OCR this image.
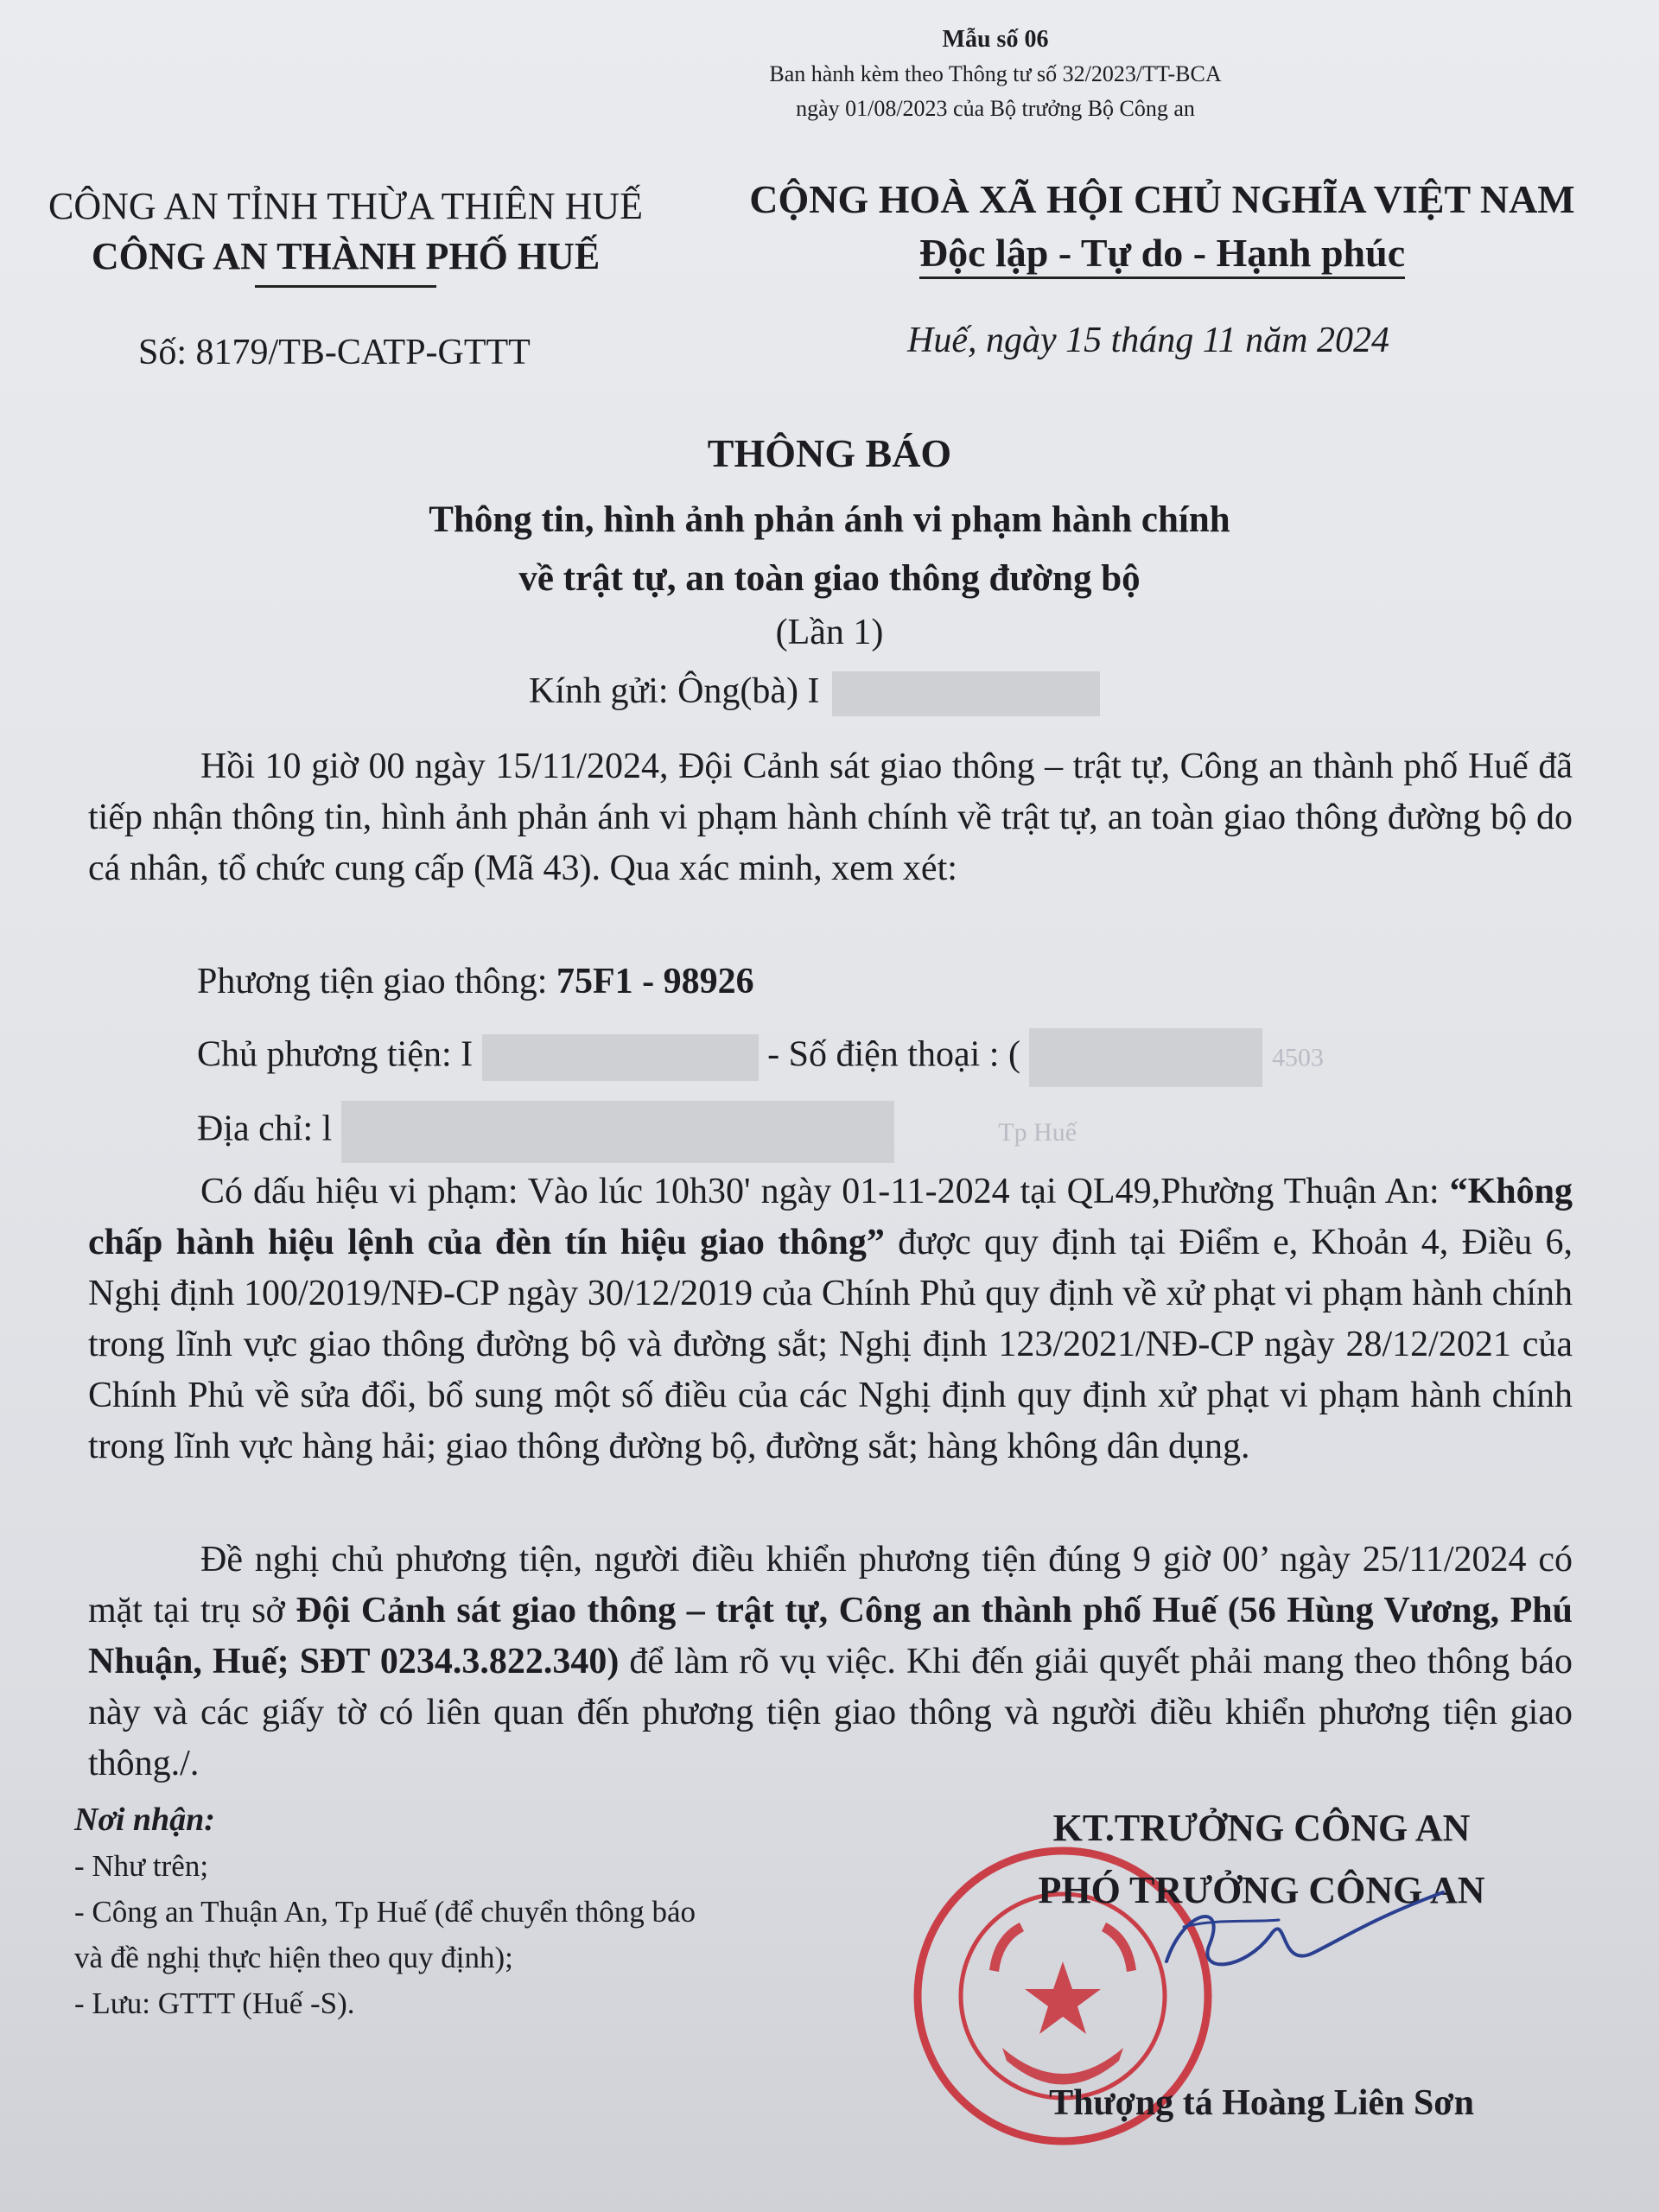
Mẫu số 06
Ban hành kèm theo Thông tư số 32/2023/TT-BCA
ngày 01/08/2023 của Bộ trưởng Bộ Công an
CÔNG AN TỈNH THỪA THIÊN HUẾ
CÔNG AN THÀNH PHỐ HUẾ
CỘNG HOÀ XÃ HỘI CHỦ NGHĨA VIỆT NAM
Độc lập - Tự do - Hạnh phúc
Số: 8179/TB-CATP-GTTT	Huế, ngày 15 tháng 11 năm 2024
THÔNG BÁO
Thông tin, hình ảnh phản ánh vi phạm hành chính
về trật tự, an toàn giao thông đường bộ
(Lần 1)
Kính gửi: Ông(bà) I
Hồi 10 giờ 00 ngày 15/11/2024, Đội Cảnh sát giao thông – trật tự, Công an thành phố Huế đã tiếp nhận thông tin, hình ảnh phản ánh vi phạm hành chính về trật tự, an toàn giao thông đường bộ do cá nhân, tổ chức cung cấp (Mã 43). Qua xác minh, xem xét:
Phương tiện giao thông: 75F1 - 98926
Chủ phương tiện: I	- Số điện thoại : (	4503
Địa chỉ: l	Tp Huế
Có dấu hiệu vi phạm: Vào lúc 10h30' ngày 01-11-2024 tại QL49,Phường Thuận An: “Không chấp hành hiệu lệnh của đèn tín hiệu giao thông” được quy định tại Điểm e, Khoản 4, Điều 6, Nghị định 100/2019/NĐ-CP ngày 30/12/2019 của Chính Phủ quy định về xử phạt vi phạm hành chính trong lĩnh vực giao thông đường bộ và đường sắt; Nghị định 123/2021/NĐ-CP ngày 28/12/2021 của Chính Phủ về sửa đổi, bổ sung một số điều của các Nghị định quy định xử phạt vi phạm hành chính trong lĩnh vực hàng hải; giao thông đường bộ, đường sắt; hàng không dân dụng.
Đề nghị chủ phương tiện, người điều khiển phương tiện đúng 9 giờ 00’ ngày 25/11/2024 có mặt tại trụ sở Đội Cảnh sát giao thông – trật tự, Công an thành phố Huế (56 Hùng Vương, Phú Nhuận, Huế; SĐT 0234.3.822.340) để làm rõ vụ việc. Khi đến giải quyết phải mang theo thông báo này và các giấy tờ có liên quan đến phương tiện giao thông và người điều khiển phương tiện giao thông./.
Nơi nhận:
- Như trên;
- Công an Thuận An, Tp Huế (để chuyển thông báo
và đề nghị thực hiện theo quy định);
- Lưu: GTTT (Huế -S).
KT.TRƯỞNG CÔNG AN
PHÓ TRƯỞNG CÔNG AN
Thượng tá Hoàng Liên Sơn
